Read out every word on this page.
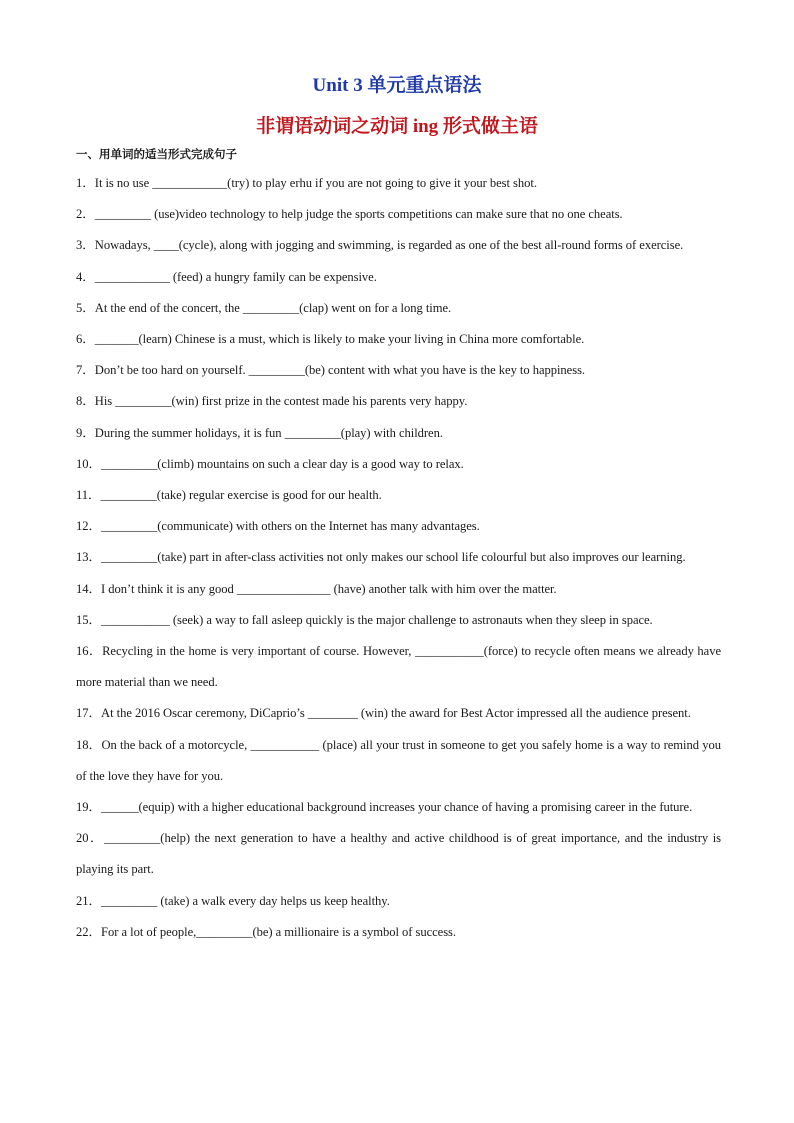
Unit 3 单元重点语法
非谓语动词之动词 ing 形式做主语
一、用单词的适当形式完成句子
1．It is no use ____________(try) to play erhu if you are not going to give it your best shot.
2．_________ (use)video technology to help judge the sports competitions can make sure that no one cheats.
3．Nowadays, ____(cycle), along with jogging and swimming, is regarded as one of the best all-round forms of exercise.
4．____________ (feed) a hungry family can be expensive.
5．At the end of the concert, the _________(clap) went on for a long time.
6．_______(learn) Chinese is a must, which is likely to make your living in China more comfortable.
7．Don’t be too hard on yourself. _________(be) content with what you have is the key to happiness.
8．His _________(win) first prize in the contest made his parents very happy.
9．During the summer holidays, it is fun _________(play) with children.
10．_________(climb) mountains on such a clear day is a good way to relax.
11．_________(take) regular exercise is good for our health.
12．_________(communicate) with others on the Internet has many advantages.
13．_________(take) part in after-class activities not only makes our school life colourful but also improves our learning.
14．I don’t think it is any good _______________ (have) another talk with him over the matter.
15．___________ (seek) a way to fall asleep quickly is the major challenge to astronauts when they sleep in space.
16．Recycling in the home is very important of course. However, ___________(force) to recycle often means we already have more material than we need.
17．At the 2016 Oscar ceremony, DiCaprio’s ________ (win) the award for Best Actor impressed all the audience present.
18．On the back of a motorcycle, ___________ (place) all your trust in someone to get you safely home is a way to remind you of the love they have for you.
19．______(equip) with a higher educational background increases your chance of having a promising career in the future.
20．_________(help) the next generation to have a healthy and active childhood is of great importance, and the industry is playing its part.
21．_________ (take) a walk every day helps us keep healthy.
22．For a lot of people,_________(be) a millionaire is a symbol of success.
